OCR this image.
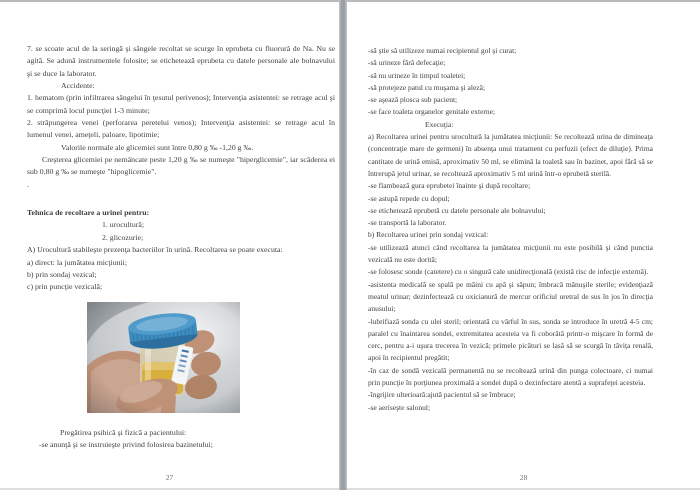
7. se scoate acul de la seringă şi sângele recoltat se scurge în eprubeta cu fluorură de Na. Nu se agită. Se adună instrumentele folosite; se etichetează eprubeta cu datele personale ale bolnavului şi se duce la laborator.
Accidente:
1. hematom (prin infiltrarea sângelui în ţesutul perivenos); Intervenţia asistentei: se retrage acul şi se comprimă locul puncţiei 1-3 minute;
2. străpungerea venei (perforarea peretelui venos); Intervenţia asistentei: se retrage acul în lumenul venei, ameţeli, paloare, lipotimie;
Valorile normale ale glicemiei sunt între 0,80 g ‰ -1,20 g ‰.
Creşterea glicemiei pe nemâncate peste 1,20 g ‰ se numeşte "hiperglicemie", iar scăderea ei sub 0,80 g ‰ se numeşte "hipoglicemie".
.
Tehnica de recoltare a urinei pentru:
1. urocultură;
2. glicozurie;
A) Urocultură stabileşte prezenţa bacteriilor în urină. Recoltarea se poate executa:
a) direct: la jumătatea micţiunii;
b) prin sondaj vezical;
c) prin puncţie vezicală;
Pregătirea psihică şi fizică a pacientului:
-se anunţă şi se instruieşte privind folosirea bazinetului;
27
-să ştie să utilizeze numai recipientul gol şi curat;
-să urineze fără defecaţie;
-să nu urineze în timpul toaletei;
-să protejeze patul cu muşama şi aleză;
-se aşează plosca sub pacient;
-se face toaleta organelor genitale externe;
Execuţia:
a) Recoltarea urinei pentru urocultură la jumătatea micţiunii: Se recoltează urina de dimineaţa (concentraţie mare de germeni) în absenţa unui tratament cu perfuzii (efect de diluţie). Prima cantitate de urină emisă, aproximativ 50 ml, se elimină la toaletă sau în bazinet, apoi fără să se întrerupă jetul urinar, se recoltează aproximativ 5 ml urină într-o eprubetă sterilă.
-se flambează gura eprubetei înainte şi după recoltare;
-se astupă repede cu dopul;
-se etichetează eprubetă cu datele personale ale bolnavului;
-se transportă la laborator.
b) Recoltarea urinei prin sondaj vezical:
-se utilizează atunci când recoltarea la jumătatea micţiunii nu este posibilă şi când punctia vezicală nu este dorită;
-se folosesc sonde (catetere) cu o singură cale unidirecţională (există risc de infecţie externă).
-asistenta medicală se spală pe mâini cu apă şi săpun; îmbracă mănuşile sterile; evidenţiază meatul urinar; dezinfectează cu oxicianură de mercur orificiul uretral de sus în jos în direcţia anusului;
-lubrifiază sonda cu ulei steril; orientată cu vârful în sus, sonda se introduce în uretră 4-5 cm; paralel cu înaintarea sondei, extremitatea acesteia va fi coborâtă printr-o mişcare în formă de cerc, pentru a-i uşura trecerea în vezică; primele picături se lasă să se scurgă în tăviţa renală, apoi în recipientul pregătit;
-în caz de sondă vezicală permanentă nu se recoltează urină din punga colectoare, ci numai prin puncţie în porţiunea proximală a sondei după o dezinfectare atentă a suprafeţei acesteia.
-îngrijire ulterioară:ajută pacientul să se îmbrace;
-se aeriseşte salonul;
28
